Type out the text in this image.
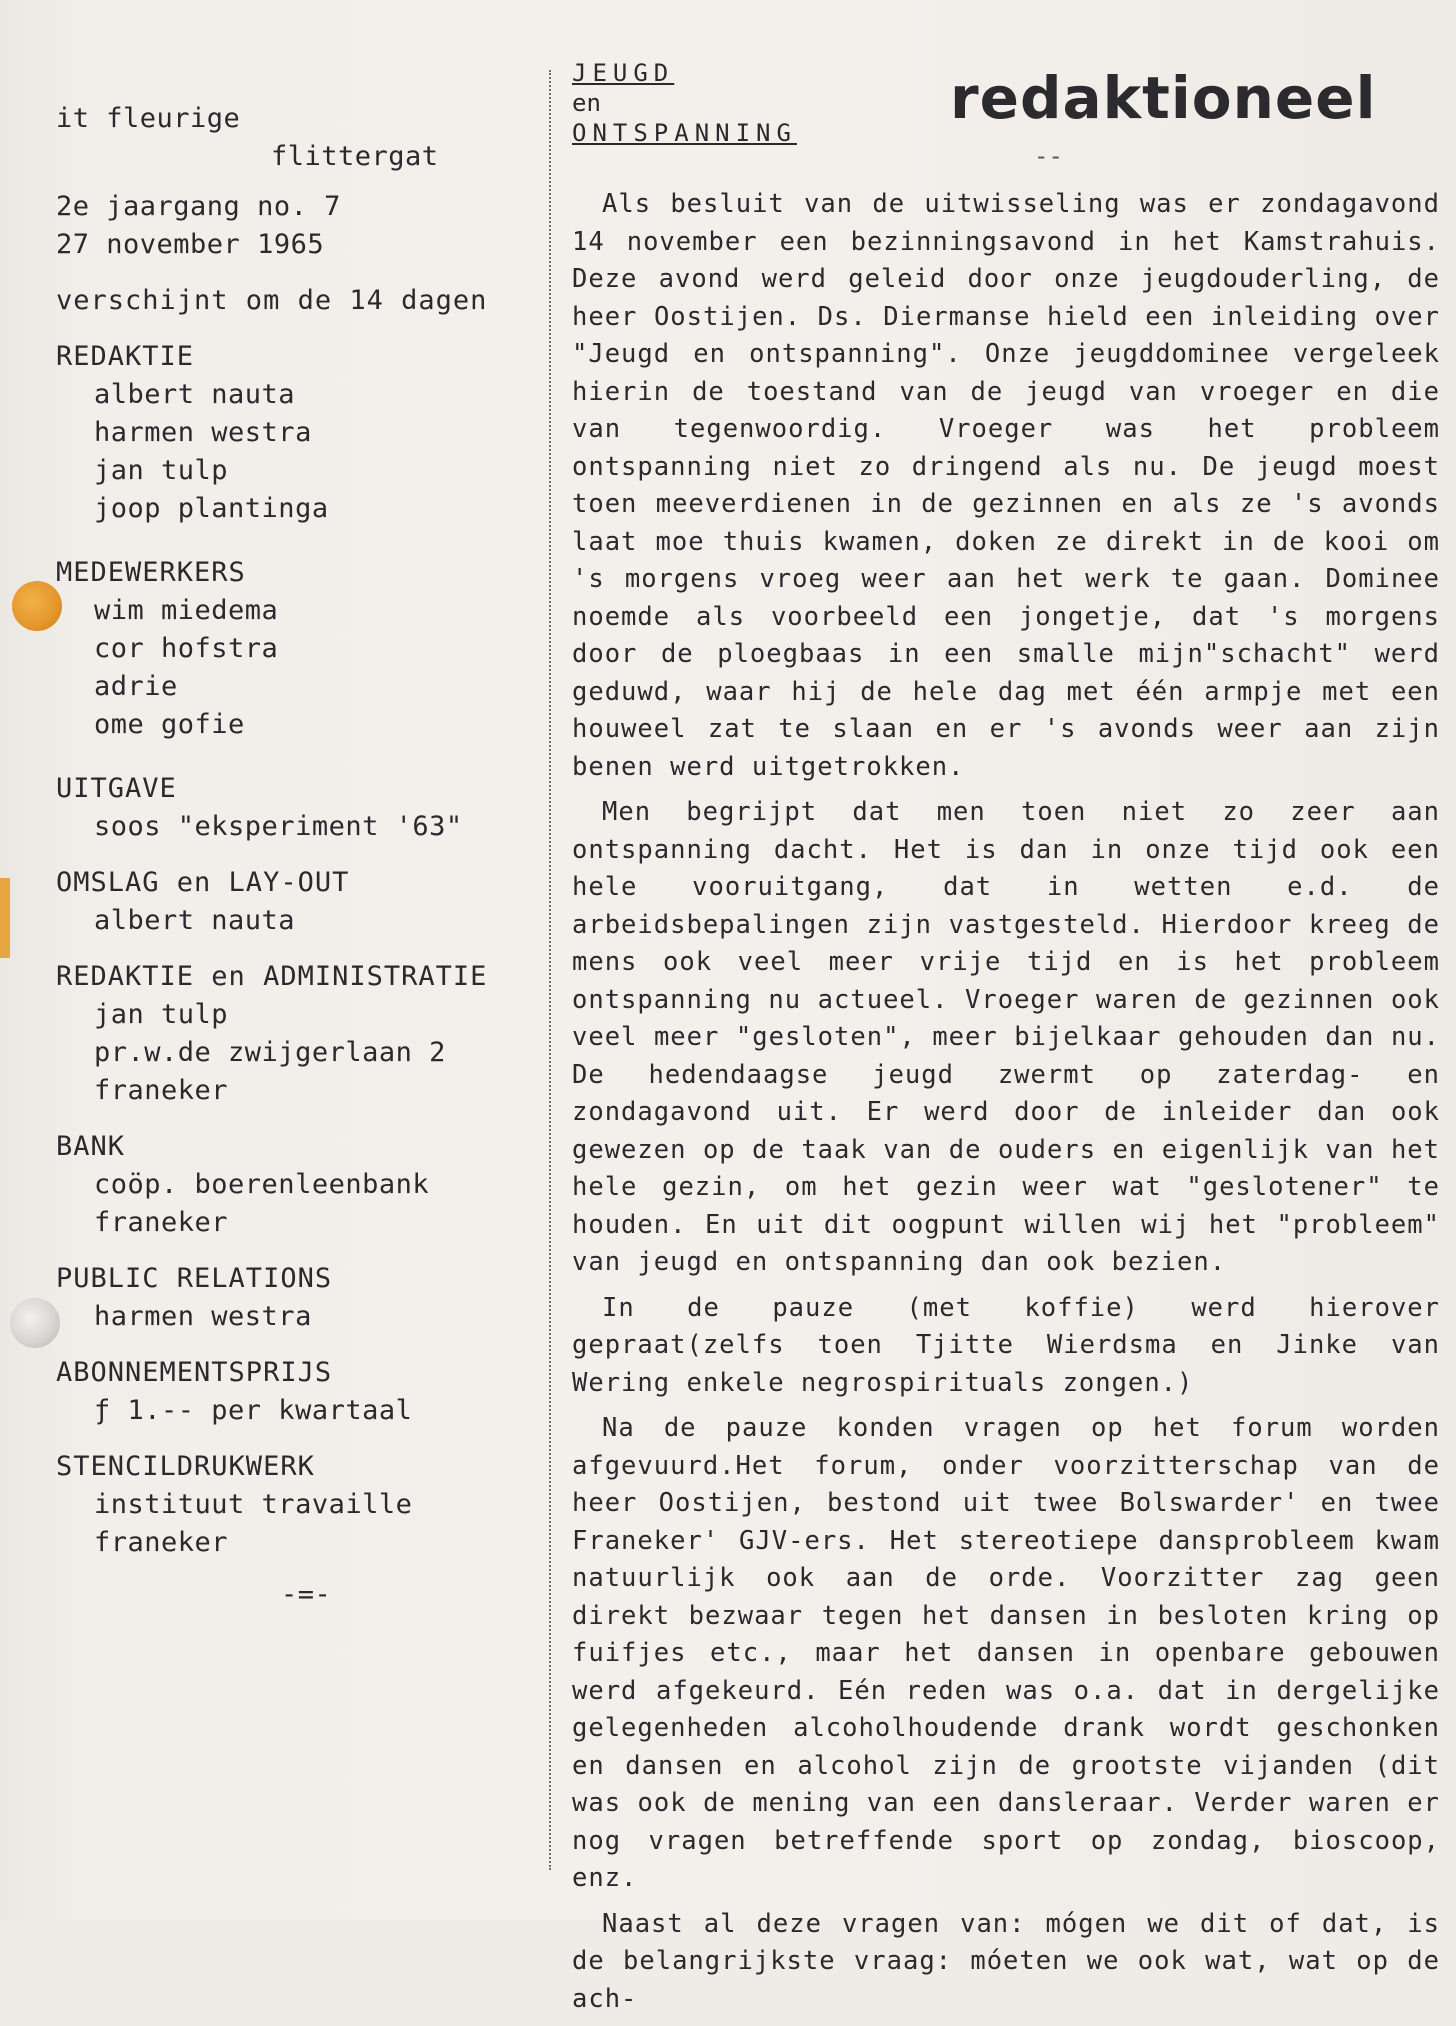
it fleurige
flittergat
2e jaargang no. 7
27 november 1965
verschijnt om de 14 dagen
REDAKTIE
albert nauta
harmen westra
jan tulp
joop plantinga
MEDEWERKERS
wim miedema
cor hofstra
adrie
ome gofie
UITGAVE
soos "eksperiment '63"
OMSLAG en LAY-OUT
albert nauta
REDAKTIE en ADMINISTRATIE
jan tulp
pr.w.de zwijgerlaan 2
franeker
BANK
coöp. boerenleenbank
franeker
PUBLIC RELATIONS
harmen westra
ABONNEMENTSPRIJS
ƒ 1.-- per kwartaal
STENCILDRUKWERK
instituut travaille
franeker
-=-
JEUGD
en
ONTSPANNING
redaktioneel
--

Als besluit van de uitwisseling was er zondagavond 14 november een bezinningsavond in het Kamstrahuis. Deze avond werd geleid door onze jeugdouderling, de heer Oostijen. Ds. Diermanse hield een inleiding over "Jeugd en ontspanning". Onze jeugddominee vergeleek hierin de toestand van de jeugd van vroeger en die van tegenwoordig. Vroeger was het probleem ontspanning niet zo dringend als nu. De jeugd moest toen meeverdienen in de gezinnen en als ze 's avonds laat moe thuis kwamen, doken ze direkt in de kooi om 's morgens vroeg weer aan het werk te gaan. Dominee noemde als voorbeeld een jongetje, dat 's morgens door de ploegbaas in een smalle mijn"schacht" werd geduwd, waar hij de hele dag met één armpje met een houweel zat te slaan en er 's avonds weer aan zijn benen werd uitgetrokken.

Men begrijpt dat men toen niet zo zeer aan ontspanning dacht. Het is dan in onze tijd ook een hele vooruitgang, dat in wetten e.d. de arbeidsbepalingen zijn vastgesteld. Hierdoor kreeg de mens ook veel meer vrije tijd en is het probleem ontspanning nu actueel. Vroeger waren de gezinnen ook veel meer "gesloten", meer bijelkaar gehouden dan nu. De hedendaagse jeugd zwermt op zaterdag- en zondagavond uit. Er werd door de inleider dan ook gewezen op de taak van de ouders en eigenlijk van het hele gezin, om het gezin weer wat "geslotener" te houden. En uit dit oogpunt willen wij het "probleem" van jeugd en ontspanning dan ook bezien.

In de pauze (met koffie) werd hierover gepraat(zelfs toen Tjitte Wierdsma en Jinke van Wering enkele negrospirituals zongen.)

Na de pauze konden vragen op het forum worden afgevuurd.Het forum, onder voorzitterschap van de heer Oostijen, bestond uit twee Bolswarder' en twee Franeker' GJV-ers. Het stereotiepe dansprobleem kwam natuurlijk ook aan de orde. Voorzitter zag geen direkt bezwaar tegen het dansen in besloten kring op fuifjes etc., maar het dansen in openbare gebouwen werd afgekeurd. Eén reden was o.a. dat in dergelijke gelegenheden alcoholhoudende drank wordt geschonken en dansen en alcohol zijn de grootste vijanden (dit was ook de mening van een dansleraar. Verder waren er nog vragen betreffende sport op zondag, bioscoop, enz.

Naast al deze vragen van: mógen we dit of dat, is de belangrijkste vraag: móeten we ook wat, wat op de ach-
